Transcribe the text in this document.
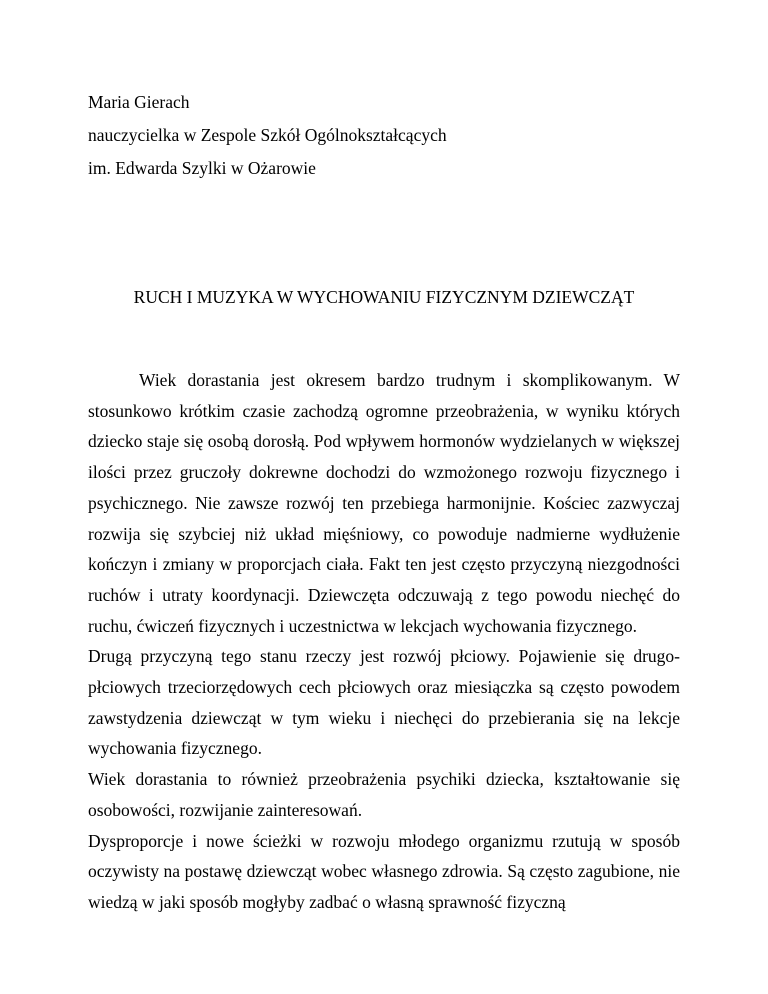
Maria Gierach
nauczycielka w Zespole Szkół Ogólnokształcących
im. Edwarda Szylki w Ożarowie
RUCH I MUZYKA W WYCHOWANIU FIZYCZNYM DZIEWCZĄT

Wiek dorastania jest okresem bardzo trudnym i skomplikowanym. W stosunkowo krótkim czasie zachodzą ogromne przeobrażenia, w wyniku których dziecko staje się osobą dorosłą. Pod wpływem hormonów wydzielanych w większej ilości przez gruczoły dokrewne dochodzi do wzmożonego rozwoju fizycznego i psychicznego. Nie zawsze rozwój ten przebiega harmonijnie. Kościec zazwyczaj rozwija się szybciej niż układ mięśniowy, co powoduje nadmierne wydłużenie kończyn i zmiany w proporcjach ciała. Fakt ten jest często przyczyną niezgodności ruchów i utraty koordynacji. Dziewczęta odczuwają z tego powodu niechęć do ruchu, ćwiczeń fizycznych i uczestnictwa w lekcjach wychowania fizycznego.

Drugą przyczyną tego stanu rzeczy jest rozwój płciowy. Pojawienie się drugo-płciowych trzeciorzędowych cech płciowych oraz miesiączka są często powodem zawstydzenia dziewcząt w tym wieku i niechęci do przebierania się na lekcje wychowania fizycznego.

Wiek dorastania to również przeobrażenia psychiki dziecka, kształtowanie się osobowości, rozwijanie zainteresowań.

Dysproporcje i nowe ścieżki w rozwoju młodego organizmu rzutują w sposób oczywisty na postawę dziewcząt wobec własnego zdrowia. Są często zagubione, nie wiedzą w jaki sposób mogłyby zadbać o własną sprawność fizyczną
